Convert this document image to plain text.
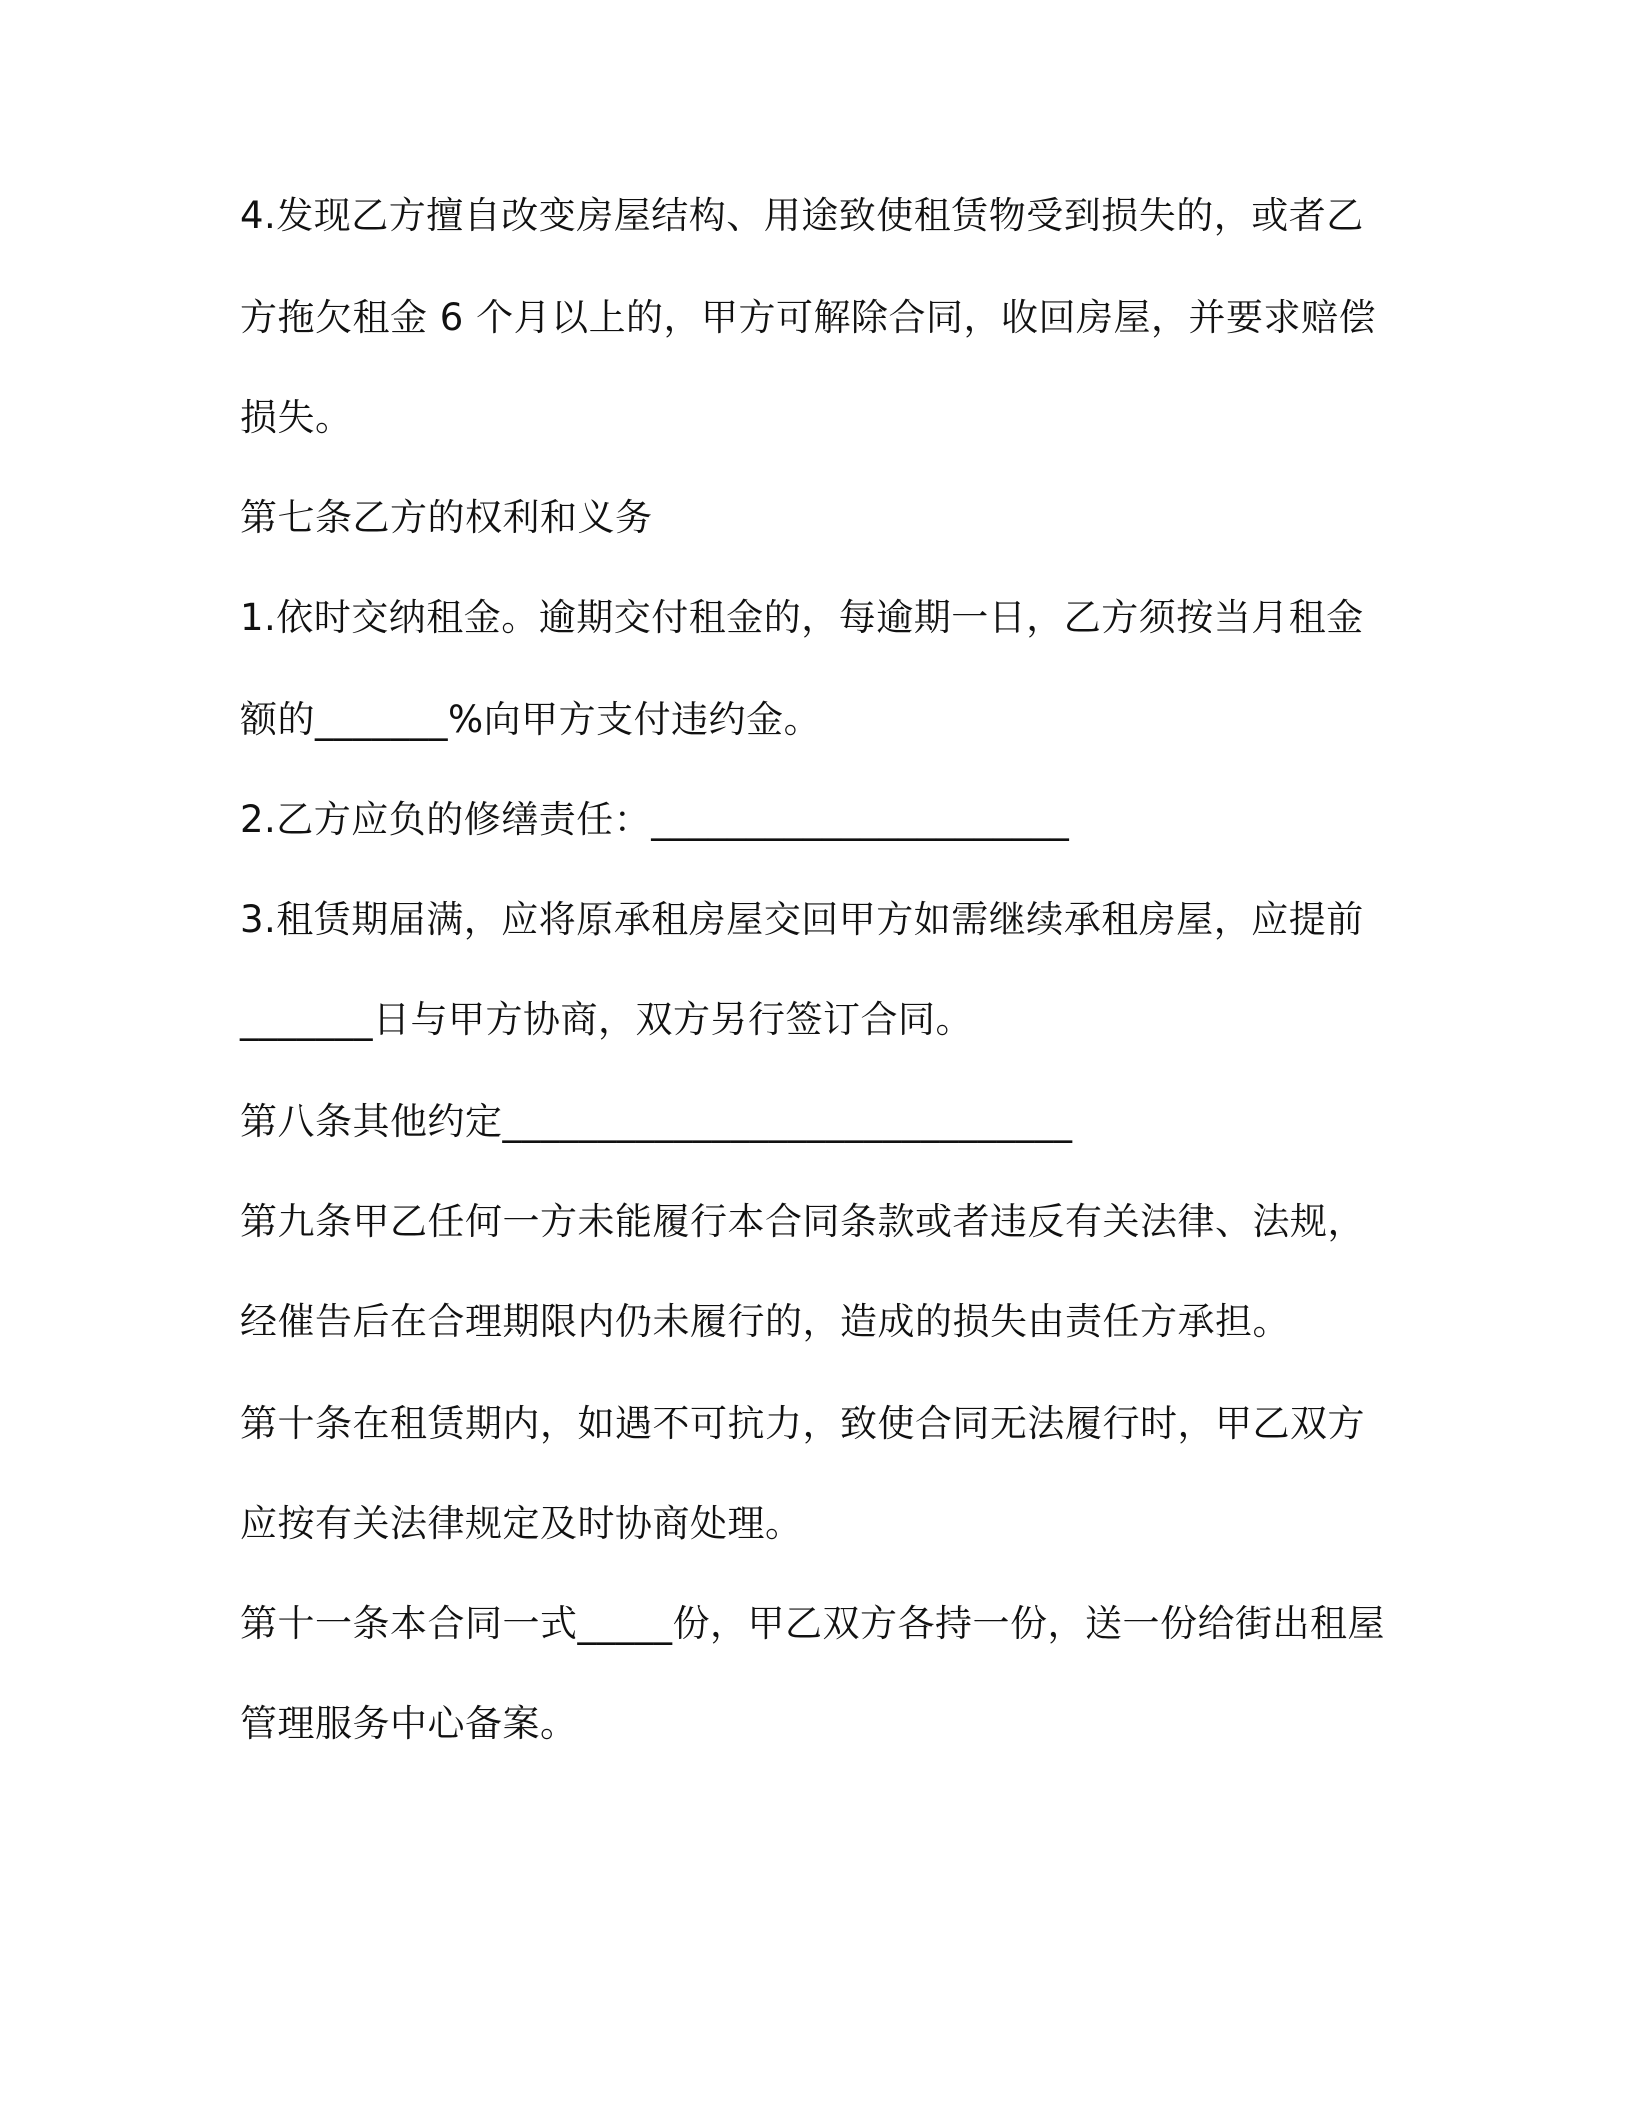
4.发现乙方擅自改变房屋结构、用途致使租赁物受到损失的，或者乙
方拖欠租金 6 个月以上的，甲方可解除合同，收回房屋，并要求赔偿
损失。
第七条乙方的权利和义务
1.依时交纳租金。逾期交付租金的，每逾期一日，乙方须按当月租金
额的_______%向甲方支付违约金。
2.乙方应负的修缮责任：______________________
3.租赁期届满，应将原承租房屋交回甲方如需继续承租房屋，应提前
_______日与甲方协商，双方另行签订合同。
第八条其他约定______________________________
第九条甲乙任何一方未能履行本合同条款或者违反有关法律、法规，
经催告后在合理期限内仍未履行的，造成的损失由责任方承担。
第十条在租赁期内，如遇不可抗力，致使合同无法履行时，甲乙双方
应按有关法律规定及时协商处理。
第十一条本合同一式_____份，甲乙双方各持一份，送一份给街出租屋
管理服务中心备案。
